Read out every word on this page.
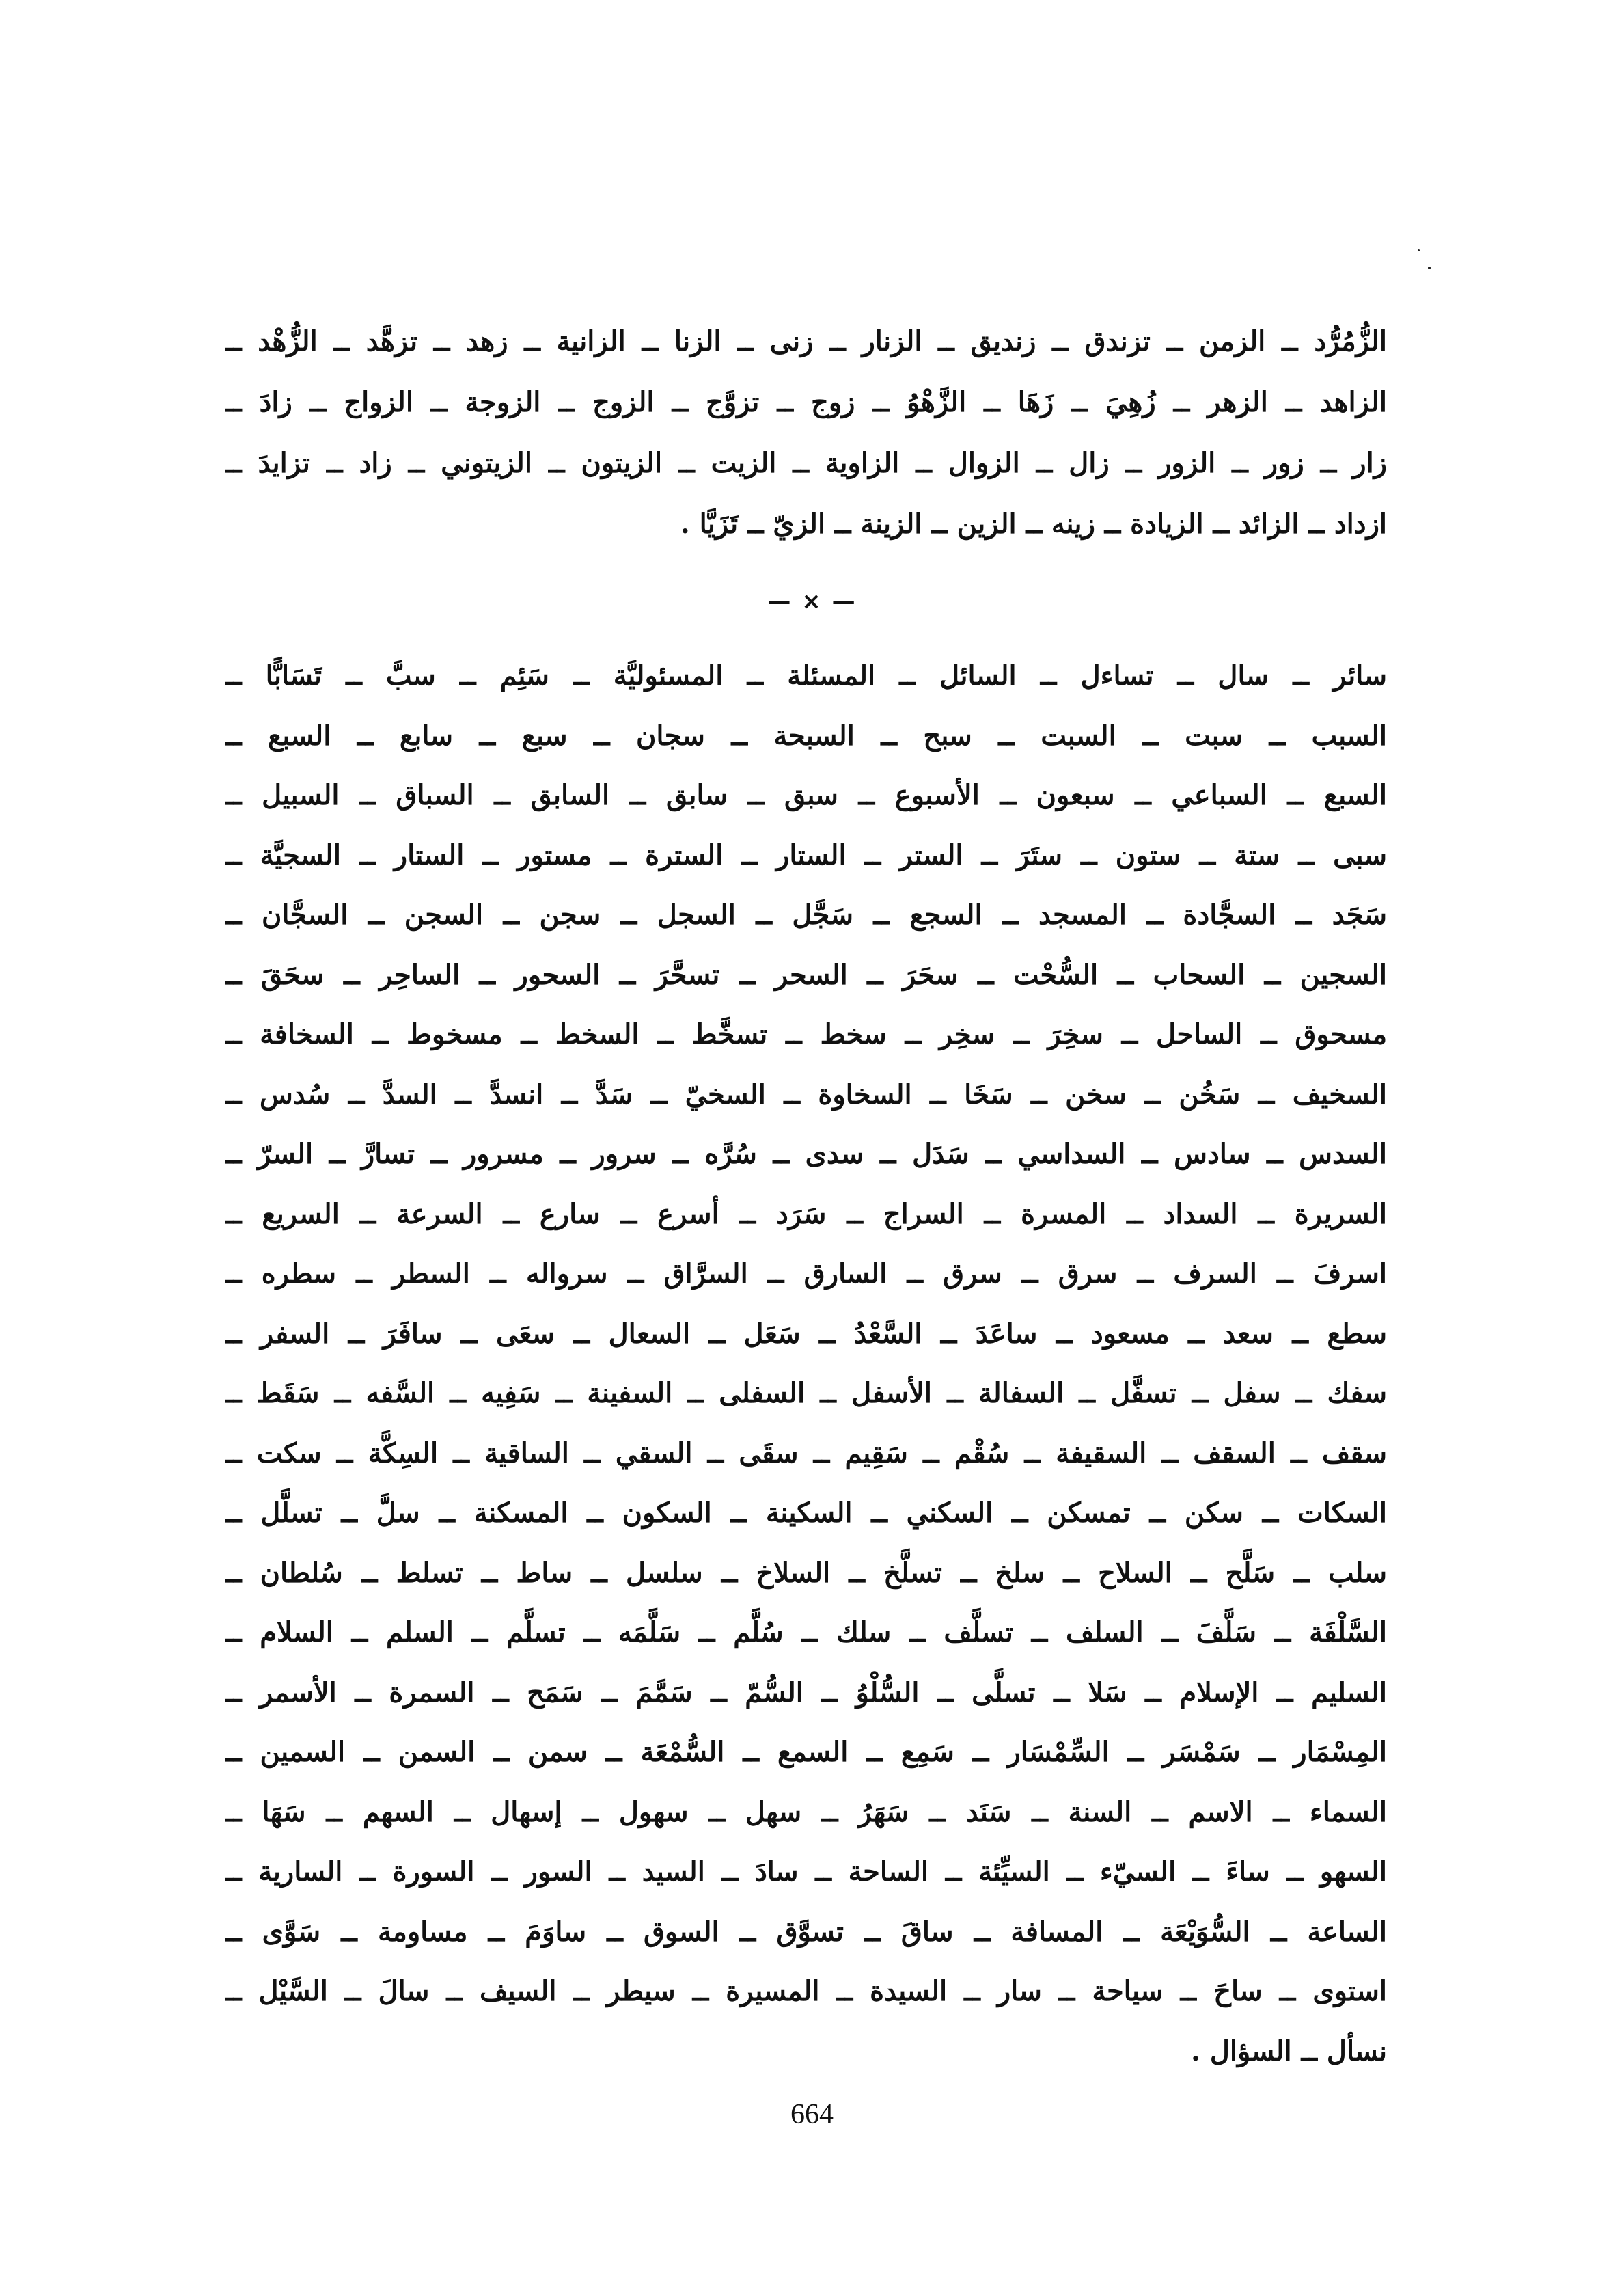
الزُّمُرُّد ــ الزمن ــ تزندق ــ زنديق ــ الزنار ــ زنى ــ الزنا ــ الزانية ــ زهد ــ تزهَّد ــ الزُّهْد ــ
الزاهد ــ الزهر ــ زُهِيَ ــ زَهَا ــ الزَّهْوُ ــ زوج ــ تزوَّج ــ الزوج ــ الزوجة ــ الزواج ــ زادَ ــ
زار ــ زور ــ الزور ــ زال ــ الزوال ــ الزاوية ــ الزيت ــ الزيتون ــ الزيتوني ــ زاد ــ تزايدَ ــ
ازداد ــ الزائد ــ الزيادة ــ زينه ــ الزين ــ الزينة ــ الزيّ ــ تَزَيَّا .
— × —
سائر ــ سال ــ تساءل ــ السائل ــ المسئلة ــ المسئوليَّة ــ سَئِم ــ سبَّ ــ تَسَابًّا ــ
السبب ــ سبت ــ السبت ــ سبح ــ السبحة ــ سجان ــ سبع ــ سابع ــ السبع ــ
السبع ــ السباعي ــ سبعون ــ الأسبوع ــ سبق ــ سابق ــ السابق ــ السباق ــ السبيل ــ
سبى ــ ستة ــ ستون ــ ستَرَ ــ الستر ــ الستار ــ السترة ــ مستور ــ الستار ــ السجيَّة ــ
سَجَد ــ السجَّادة ــ المسجد ــ السجع ــ سَجَّل ــ السجل ــ سجن ــ السجن ــ السجَّان ــ
السجين ــ السحاب ــ السُّحْت ــ سحَرَ ــ السحر ــ تسحَّرَ ــ السحور ــ الساحِر ــ سحَقَ ــ
مسحوق ــ الساحل ــ سخِرَ ــ سخِر ــ سخط ــ تسخَّط ــ السخط ــ مسخوط ــ السخافة ــ
السخيف ــ سَخُن ــ سخن ــ سَخَا ــ السخاوة ــ السخيّ ــ سَدَّ ــ انسدَّ ــ السدَّ ــ سُدس ــ
السدس ــ سادس ــ السداسي ــ سَدَل ــ سدى ــ سُرَّه ــ سرور ــ مسرور ــ تسارَّ ــ السرّ ــ
السريرة ــ السداد ــ المسرة ــ السراج ــ سَرَد ــ أسرع ــ سارع ــ السرعة ــ السريع ــ
اسرفَ ــ السرف ــ سرق ــ سرق ــ السارق ــ السرَّاق ــ سرواله ــ السطر ــ سطره ــ
سطع ــ سعد ــ مسعود ــ ساعَدَ ــ السَّعْدُ ــ سَعَل ــ السعال ــ سعَى ــ سافَرَ ــ السفر ــ
سفك ــ سفل ــ تسفَّل ــ السفالة ــ الأسفل ــ السفلى ــ السفينة ــ سَفِيه ــ السَّفه ــ سَقَط ــ
سقف ــ السقف ــ السقيفة ــ سُقْم ــ سَقِيم ــ سقَى ــ السقي ــ الساقية ــ السِكَّة ــ سكت ــ
السكات ــ سكن ــ تمسكن ــ السكني ــ السكينة ــ السكون ــ المسكنة ــ سلَّ ــ تسلَّل ــ
سلب ــ سَلَّح ــ السلاح ــ سلخ ــ تسلَّخ ــ السلاخ ــ سلسل ــ ساط ــ تسلط ــ سُلطان ــ
السَّلْفَة ــ سَلَّفَ ــ السلف ــ تسلَّف ــ سلك ــ سُلَّم ــ سَلَّمَه ــ تسلَّم ــ السلم ــ السلام ــ
السليم ــ الإسلام ــ سَلا ــ تسلَّى ــ السُّلْوُ ــ السُّمّ ــ سَمَّمَ ــ سَمَح ــ السمرة ــ الأسمر ــ
المِسْمَار ــ سَمْسَر ــ السِّمْسَار ــ سَمِع ــ السمع ــ السُّمْعَة ــ سمن ــ السمن ــ السمين ــ
السماء ــ الاسم ــ السنة ــ سَنَد ــ سَهَرُ ــ سهل ــ سهول ــ إسهال ــ السهم ــ سَهَا ــ
السهو ــ ساءَ ــ السيّء ــ السيِّئة ــ الساحة ــ سادَ ــ السيد ــ السور ــ السورة ــ السارية ــ
الساعة ــ السُّوَيْعَة ــ المسافة ــ ساقَ ــ تسوَّق ــ السوق ــ ساوَمَ ــ مساومة ــ سَوَّى ــ
استوى ــ ساحَ ــ سياحة ــ سار ــ السيدة ــ المسيرة ــ سيطر ــ السيف ــ سالَ ــ السَّيْل ــ
نسأل ــ السؤال .
664
